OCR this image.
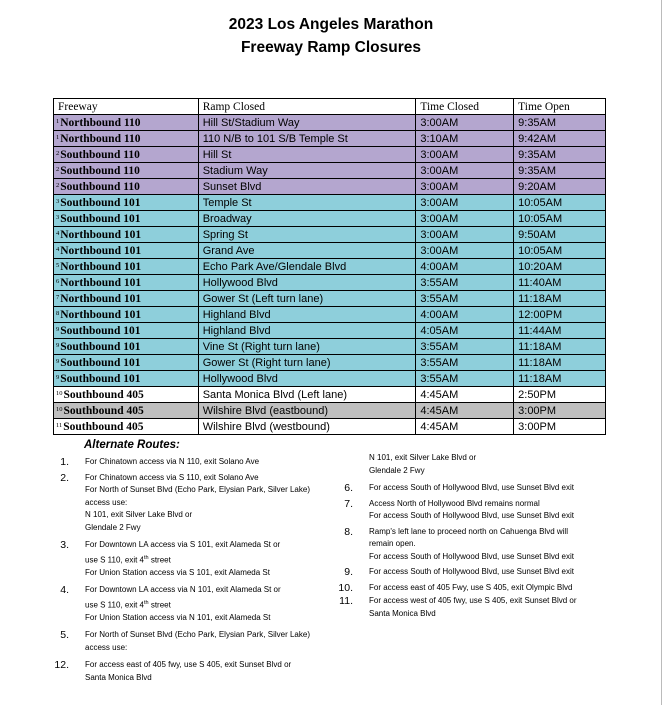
2023 Los Angeles Marathon
Freeway Ramp Closures
Freeway	Ramp Closed	Time Closed	Time Open
$^1$Northbound 110	Hill St/Stadium Way	3:00AM	9:35AM
$^1$Northbound 110	110 N/B to 101 S/B Temple St	3:10AM	9:42AM
$^2$Southbound 110	Hill St	3:00AM	9:35AM
$^2$Southbound 110	Stadium Way	3:00AM	9:35AM
$^2$Southbound 110	Sunset Blvd	3:00AM	9:20AM
$^3$Southbound 101	Temple St	3:00AM	10:05AM
$^3$Southbound 101	Broadway	3:00AM	10:05AM
$^4$Northbound 101	Spring St	3:00AM	9:50AM
$^4$Northbound 101	Grand Ave	3:00AM	10:05AM
$^5$Northbound 101	Echo Park Ave/Glendale Blvd	4:00AM	10:20AM
$^6$Northbound 101	Hollywood Blvd	3:55AM	11:40AM
$^7$Northbound 101	Gower St (Left turn lane)	3:55AM	11:18AM
$^8$Northbound 101	Highland Blvd	4:00AM	12:00PM
$^9$Southbound 101	Highland Blvd	4:05AM	11:44AM
$^9$Southbound 101	Vine St (Right turn lane)	3:55AM	11:18AM
$^9$Southbound 101	Gower St (Right turn lane)	3:55AM	11:18AM
$^9$Southbound 101	Hollywood Blvd	3:55AM	11:18AM
$^{10}$Southbound 405	Santa Monica Blvd (Left lane)	4:45AM	2:50PM
$^{10}$Southbound 405	Wilshire Blvd (eastbound)	4:45AM	3:00PM
$^{11}$Southbound 405	Wilshire Blvd (westbound)	4:45AM	3:00PM
Alternate Routes:
1. For Chinatown access via N 110, exit Solano Ave
2. For Chinatown access via S 110, exit Solano Ave
For North of Sunset Blvd (Echo Park, Elysian Park, Silver Lake)
access use:
N 101, exit Silver Lake Blvd or
Glendale 2 Fwy
3. For Downtown LA access via S 101, exit Alameda St or
use S 110, exit 4th street
For Union Station access via S 101, exit Alameda St
4. For Downtown LA access via N 101, exit Alameda St or
use S 110, exit 4th street
For Union Station access via N 101, exit Alameda St
5. For North of Sunset Blvd (Echo Park, Elysian Park, Silver Lake)
access use:
12. For access east of 405 fwy, use S 405, exit Sunset Blvd or
Santa Monica Blvd
N 101, exit Silver Lake Blvd or
Glendale 2 Fwy
6. For access South of Hollywood Blvd, use Sunset Blvd exit
7. Access North of Hollywood Blvd remains normal
For access South of Hollywood Blvd, use Sunset Blvd exit
8. Ramp's left lane to proceed north on Cahuenga Blvd will
remain open.
For access South of Hollywood Blvd, use Sunset Blvd exit
9. For access South of Hollywood Blvd, use Sunset Blvd exit
10. For access east of 405 Fwy, use S 405, exit Olympic Blvd
11. For access west of 405 fwy, use S 405, exit Sunset Blvd or
Santa Monica Blvd
